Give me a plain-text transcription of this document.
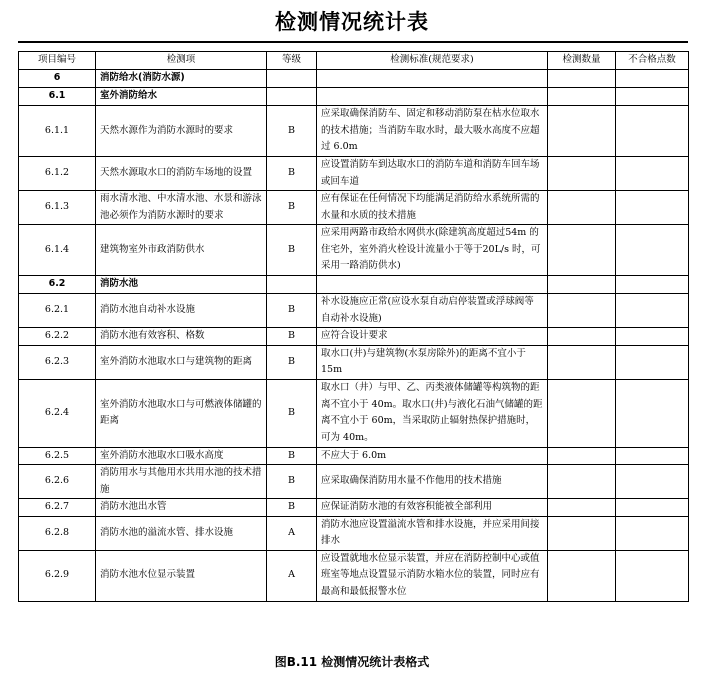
检测情况统计表
项目编号	检测项	等级	检测标准(规范要求)	检测数量	不合格点数
6	消防给水(消防水源)				
6.1	室外消防给水				
6.1.1	天然水源作为消防水源时的要求	B	应采取确保消防车、固定和移动消防泵在枯水位取水的技术措施；当消防车取水时，最大吸水高度不应超过 6.0m		
6.1.2	天然水源取水口的消防车场地的设置	B	应设置消防车到达取水口的消防车道和消防车回车场或回车道		
6.1.3	雨水清水池、中水清水池、水景和游泳池必须作为消防水源时的要求	B	应有保证在任何情况下均能满足消防给水系统所需的水量和水质的技术措施		
6.1.4	建筑物室外市政消防供水	B	应采用两路市政给水网供水(除建筑高度超过54m 的住宅外，室外消火栓设计流量小于等于20L/s 时，可采用一路消防供水)		
6.2	消防水池				
6.2.1	消防水池自动补水设施	B	补水设施应正常(应设水泵自动启停装置或浮球阀等自动补水设施)		
6.2.2	消防水池有效容积、格数	B	应符合设计要求		
6.2.3	室外消防水池取水口与建筑物的距离	B	取水口(井)与建筑物(水泵房除外)的距离不宜小于 15m		
6.2.4	室外消防水池取水口与可燃液体储罐的距离	B	取水口（井）与甲、乙、丙类液体储罐等构筑物的距离不宜小于 40m。取水口(井)与液化石油气储罐的距离不宜小于 60m，当采取防止辐射热保护措施时，可为 40m。		
6.2.5	室外消防水池取水口吸水高度	B	不应大于 6.0m		
6.2.6	消防用水与其他用水共用水池的技术措施	B	应采取确保消防用水量不作他用的技术措施		
6.2.7	消防水池出水管	B	应保证消防水池的有效容积能被全部利用		
6.2.8	消防水池的溢流水管、排水设施	A	消防水池应设置溢流水管和排水设施，并应采用间接排水		
6.2.9	消防水池水位显示装置	A	应设置就地水位显示装置，并应在消防控制中心或值班室等地点设置显示消防水箱水位的装置，同时应有最高和最低报警水位		
图B.11 检测情况统计表格式
